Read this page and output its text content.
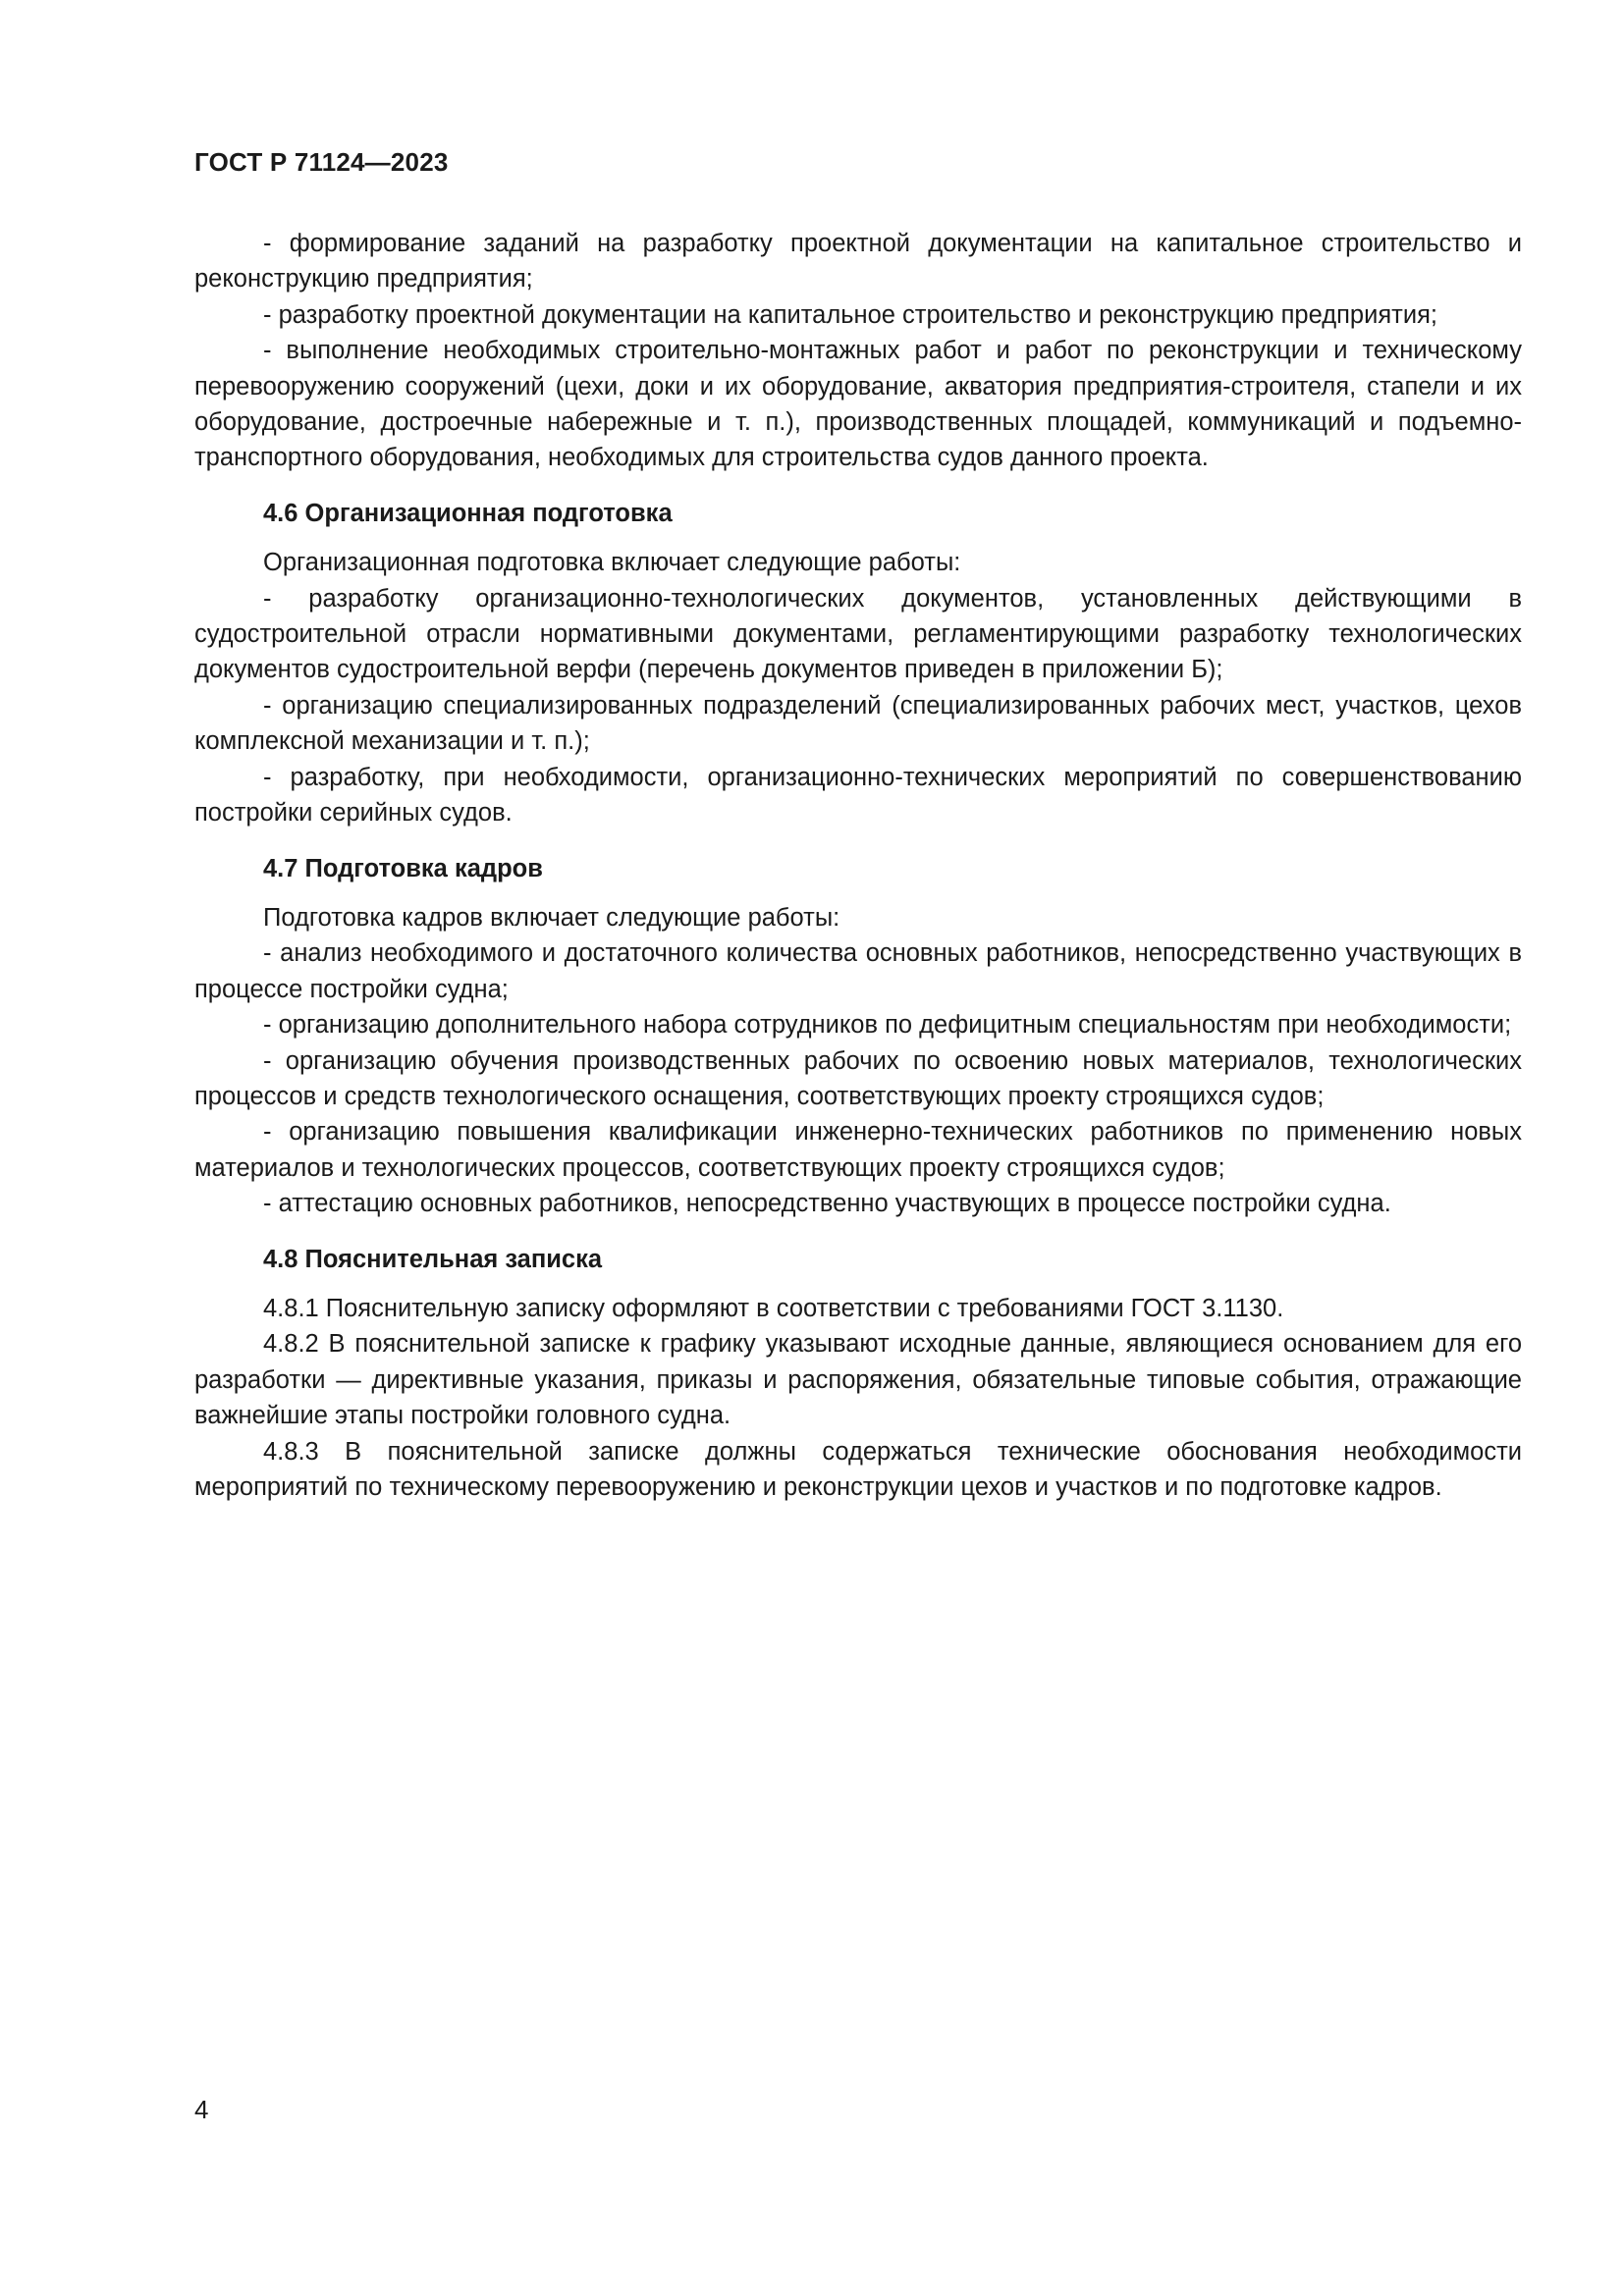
ГОСТ Р 71124—2023

- формирование заданий на разработку проектной документации на капитальное строительство и реконструкцию предприятия;

- разработку проектной документации на капитальное строительство и реконструкцию предприятия;

- выполнение необходимых строительно-монтажных работ и работ по реконструкции и техническому перевооружению сооружений (цехи, доки и их оборудование, акватория предприятия-строителя, стапели и их оборудование, достроечные набережные и т. п.), производственных площадей, коммуникаций и подъемно-транспортного оборудования, необходимых для строительства судов данного проекта.

4.6 Организационная подготовка

Организационная подготовка включает следующие работы:

- разработку организационно-технологических документов, установленных действующими в судостроительной отрасли нормативными документами, регламентирующими разработку технологических документов судостроительной верфи (перечень документов приведен в приложении Б);

- организацию специализированных подразделений (специализированных рабочих мест, участков, цехов комплексной механизации и т. п.);

- разработку, при необходимости, организационно-технических мероприятий по совершенствованию постройки серийных судов.

4.7 Подготовка кадров

Подготовка кадров включает следующие работы:

- анализ необходимого и достаточного количества основных работников, непосредственно участвующих в процессе постройки судна;

- организацию дополнительного набора сотрудников по дефицитным специальностям при необходимости;

- организацию обучения производственных рабочих по освоению новых материалов, технологических процессов и средств технологического оснащения, соответствующих проекту строящихся судов;

- организацию повышения квалификации инженерно-технических работников по применению новых материалов и технологических процессов, соответствующих проекту строящихся судов;

- аттестацию основных работников, непосредственно участвующих в процессе постройки судна.

4.8 Пояснительная записка

4.8.1 Пояснительную записку оформляют в соответствии с требованиями ГОСТ 3.1130.

4.8.2 В пояснительной записке к графику указывают исходные данные, являющиеся основанием для его разработки — директивные указания, приказы и распоряжения, обязательные типовые события, отражающие важнейшие этапы постройки головного судна.

4.8.3 В пояснительной записке должны содержаться технические обоснования необходимости мероприятий по техническому перевооружению и реконструкции цехов и участков и по подготовке кадров.

4
